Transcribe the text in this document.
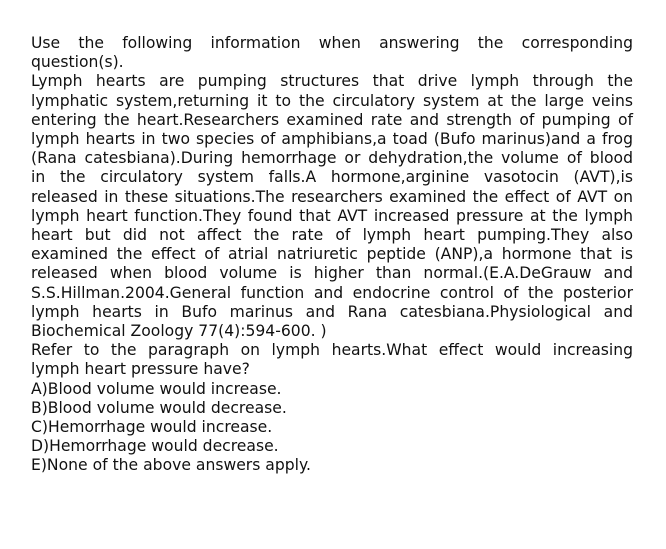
Use the following information when answering the corresponding
question(s).
Lymph hearts are pumping structures that drive lymph through the
lymphatic system,returning it to the circulatory system at the large veins
entering the heart.Researchers examined rate and strength of pumping of
lymph hearts in two species of amphibians,a toad (Bufo marinus)and a frog
(Rana catesbiana).During hemorrhage or dehydration,the volume of blood
in the circulatory system falls.A hormone,arginine vasotocin (AVT),is
released in these situations.The researchers examined the effect of AVT on
lymph heart function.They found that AVT increased pressure at the lymph
heart but did not affect the rate of lymph heart pumping.They also
examined the effect of atrial natriuretic peptide (ANP),a hormone that is
released when blood volume is higher than normal.(E.A.DeGrauw and
S.S.Hillman.2004.General function and endocrine control of the posterior
lymph hearts in Bufo marinus and Rana catesbiana.Physiological and
Biochemical Zoology 77(4):594-600. )
Refer to the paragraph on lymph hearts.What effect would increasing
lymph heart pressure have?
A)Blood volume would increase.
B)Blood volume would decrease.
C)Hemorrhage would increase.
D)Hemorrhage would decrease.
E)None of the above answers apply.
